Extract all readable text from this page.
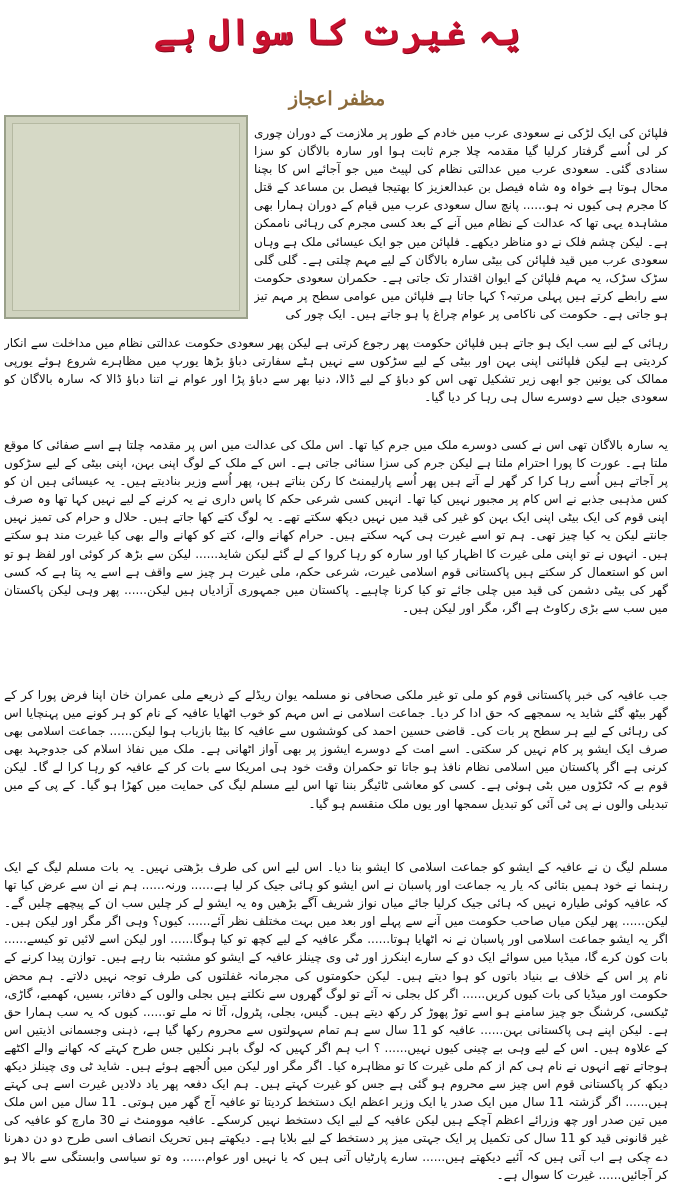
یہ غیرت کا سوال ہے
مظفر اعجاز

فلپائن کی ایک لڑکی نے سعودی عرب میں خادم کے طور پر ملازمت کے دوران چوری کر لی اُسے گرفتار کرلیا گیا مقدمہ چلا جرم ثابت ہوا اور سارہ بالاگان کو سزا سنادی گئی۔ سعودی عرب میں عدالتی نظام کی لپیٹ میں جو آجائے اس کا بچنا محال ہوتا ہے خواہ وہ شاہ فیصل بن عبدالعزیز کا بھتیجا فیصل بن مساعد کے قتل کا مجرم ہی کیوں نہ ہو...... پانچ سال سعودی عرب میں قیام کے دوران ہمارا بھی مشاہدہ یہی تھا کہ عدالت کے نظام میں آنے کے بعد کسی مجرم کی رہائی ناممکن ہے۔ لیکن چشم فلک نے دو مناظر دیکھے۔ فلپائن میں جو ایک عیسائی ملک ہے وہاں سعودی عرب میں قید فلپائن کی بیٹی سارہ بالاگان کے لیے مہم چلتی ہے۔ گلی گلی سڑک سڑک، یہ مہم فلپائن کے ایوان اقتدار تک جاتی ہے۔ حکمران سعودی حکومت سے رابطے کرتے ہیں پہلی مرتبہ؟ کہا جاتا ہے فلپائن میں عوامی سطح پر مہم تیز ہو جاتی ہے۔ حکومت کی ناکامی پر عوام چراغ پا ہو جاتے ہیں۔ ایک چور کی

رہائی کے لیے سب ایک ہو جاتے ہیں فلپائن حکومت پھر رجوع کرتی ہے لیکن پھر سعودی حکومت عدالتی نظام میں مداخلت سے انکار کردیتی ہے لیکن فلپائنی اپنی بہن اور بیٹی کے لیے سڑکوں سے نہیں ہٹے سفارتی دباؤ بڑھا یورپ میں مظاہرے شروع ہوئے یورپی ممالک کی یونین جو ابھی زیر تشکیل تھی اس کو دباؤ کے لیے ڈالا، دنیا بھر سے دباؤ پڑا اور عوام نے اتنا دباؤ ڈالا کہ سارہ بالاگان کو سعودی جیل سے دوسرے سال ہی رہا کر دیا گیا۔

یہ سارہ بالاگان تھی اس نے کسی دوسرے ملک میں جرم کیا تھا۔ اس ملک کی عدالت میں اس پر مقدمہ چلتا ہے اسے صفائی کا موقع ملتا ہے۔ عورت کا پورا احترام ملتا ہے لیکن جرم کی سزا سنائی جاتی ہے۔ اس کے ملک کے لوگ اپنی بہن، اپنی بیٹی کے لیے سڑکوں پر آجاتے ہیں اُسے رہا کرا کر گھر لے آتے ہیں پھر اُسے پارلیمنٹ کا رکن بناتے ہیں، پھر اُسے وزیر بنادیتے ہیں۔ یہ عیسائی ہیں ان کو کس مذہبی جذبے نے اس کام پر مجبور نہیں کیا تھا۔ انہیں کسی شرعی حکم کا پاس داری نے یہ کرنے کے لیے نہیں کہا تھا وہ صرف اپنی قوم کی ایک بیٹی اپنی ایک بہن کو غیر کی قید میں نہیں دیکھ سکتے تھے۔ یہ لوگ کتے کھا جاتے ہیں۔ حلال و حرام کی تمیز نہیں جانتے لیکن یہ کیا چیز تھی۔ ہم تو اسے غیرت ہی کہہ سکتے ہیں۔ حرام کھانے والے، کتے کو کھانے والے بھی کیا غیرت مند ہو سکتے ہیں۔ انہوں نے تو اپنی ملی غیرت کا اظہار کیا اور سارہ کو رہا کروا کے لے گئے لیکن شاید...... لیکن سے بڑھ کر کوئی اور لفظ ہو تو اس کو استعمال کر سکتے ہیں پاکستانی قوم اسلامی غیرت، شرعی حکم، ملی غیرت ہر چیز سے واقف ہے اسے یہ پتا ہے کہ کسی گھر کی بیٹی دشمن کی قید میں چلی جائے تو کیا کرنا چاہیے۔ پاکستان میں جمہوری آزادیاں ہیں لیکن...... پھر وہی لیکن پاکستان میں سب سے بڑی رکاوٹ ہے اگر، مگر اور لیکن ہیں۔

جب عافیہ کی خبر پاکستانی قوم کو ملی تو غیر ملکی صحافی نو مسلمہ یوان ریڈلے کے ذریعے ملی عمران خان اپنا فرض پورا کر کے گھر بیٹھ گئے شاید یہ سمجھے کہ حق ادا کر دیا۔ جماعت اسلامی نے اس مہم کو خوب اٹھایا عافیہ کے نام کو ہر کونے میں پہنچایا اس کی رہائی کے لیے ہر سطح پر بات کی۔ قاضی حسین احمد کی کوششوں سے عافیہ کا بیٹا بازیاب ہوا لیکن...... جماعت اسلامی بھی صرف ایک ایشو پر کام نہیں کر سکتی۔ اسے امت کے دوسرے ایشوز پر بھی آواز اٹھانی ہے۔ ملک میں نفاذ اسلام کی جدوجہد بھی کرنی ہے اگر پاکستان میں اسلامی نظام نافذ ہو جاتا تو حکمران وقت خود ہی امریکا سے بات کر کے عافیہ کو رہا کرا لے گا۔ لیکن قوم بے کہ ٹکڑوں میں بٹی ہوئی ہے۔ کسی کو معاشی ٹائیگر بننا تھا اس لیے مسلم لیگ کی حمایت میں کھڑا ہو گیا۔ کے پی کے میں تبدیلی والوں نے پی ٹی آئی کو تبدیل سمجھا اور یوں ملک منقسم ہو گیا۔

مسلم لیگ ن نے عافیہ کے ایشو کو جماعت اسلامی کا ایشو بنا دیا۔ اس لیے اس کی طرف بڑھتی نہیں۔ یہ بات مسلم لیگ کے ایک رہنما نے خود ہمیں بتائی کہ یار یہ جماعت اور پاسبان نے اس ایشو کو ہائی جیک کر لیا ہے...... ورنہ...... ہم نے ان سے عرض کیا تھا کہ عافیہ کوئی طیارہ نہیں کہ ہائی جیک کرلیا جائے میاں نواز شریف آگے بڑھیں وہ یہ ایشو لے کر چلیں سب ان کے پیچھے چلیں گے۔ لیکن...... پھر لیکن میاں صاحب حکومت میں آنے سے پہلے اور بعد میں بہت مختلف نظر آئے...... کیوں؟ وہی اگر مگر اور لیکن ہیں۔ اگر یہ ایشو جماعت اسلامی اور پاسبان نے نہ اٹھایا ہوتا...... مگر عافیہ کے لیے کچھ تو کیا ہوگا...... اور لیکن اسے لائیں تو کیسے...... بات کون کرے گا، میڈیا میں سوائے ایک دو کے سارے اینکرز اور ٹی وی چینلز عافیہ کے ایشو کو مشتبہ بنا رہے ہیں۔ توازن پیدا کرنے کے نام پر اس کے خلاف بے بنیاد باتوں کو ہوا دیتے ہیں۔ لیکن حکومتوں کی مجرمانہ غفلتوں کی طرف توجہ نہیں دلاتے۔ ہم محض حکومت اور میڈیا کی بات کیوں کریں...... اگر کل بجلی نہ آئے تو لوگ گھروں سے نکلتے ہیں بجلی والوں کے دفاتر، بسیں، کھمبے، گاڑی، ٹیکسی، کرشنگ جو چیز سامنے ہو اسے توڑ پھوڑ کر رکھ دیتے ہیں۔ گیس، بجلی، پٹرول، آٹا نہ ملے تو...... کیوں کہ یہ سب ہمارا حق ہے۔ لیکن اپنے ہی پاکستانی بہن...... عافیہ کو 11 سال سے ہم تمام سہولتوں سے محروم رکھا گیا ہے، ذہنی وجسمانی اذیتیں اس کے علاوہ ہیں۔ اس کے لیے وہی بے چینی کیوں نہیں...... ؟ اب ہم اگر کہیں کہ لوگ باہر نکلیں جس طرح کہتے کہ کھانے والے اکٹھے ہوجاتے تھے انہوں نے نام ہی کم از کم ملی غیرت کا تو مظاہرہ کیا۔ اگر مگر اور لیکن میں اُلجھے ہوئے ہیں۔ شاید ٹی وی چینلز دیکھ دیکھ کر پاکستانی قوم اس چیز سے محروم ہو گئی ہے جس کو غیرت کہتے ہیں۔ ہم ایک دفعہ پھر یاد دلادیں غیرت اسے ہی کہتے ہیں...... اگر گزشتہ 11 سال میں ایک صدر یا ایک وزیر اعظم ایک دستخط کردیتا تو عافیہ آج گھر میں ہوتی۔ 11 سال میں اس ملک میں تین صدر اور چھ وزرائے اعظم آچکے ہیں لیکن عافیہ کے لیے ایک دستخط نہیں کرسکے۔ عافیہ موومنٹ نے 30 مارچ کو عافیہ کی غیر قانونی قید کو 11 سال کی تکمیل پر ایک جہتی میز پر دستخط کے لیے بلایا ہے۔ دیکھتے ہیں تحریک انصاف اسی طرح دو دن دھرنا دے چکی ہے اب آتی ہیں کہ آئیے دیکھتے ہیں...... سارے پارٹیاں آتی ہیں کہ یا نہیں اور عوام...... وہ تو سیاسی وابستگی سے بالا ہو کر آجائیں...... غیرت کا سوال ہے۔
